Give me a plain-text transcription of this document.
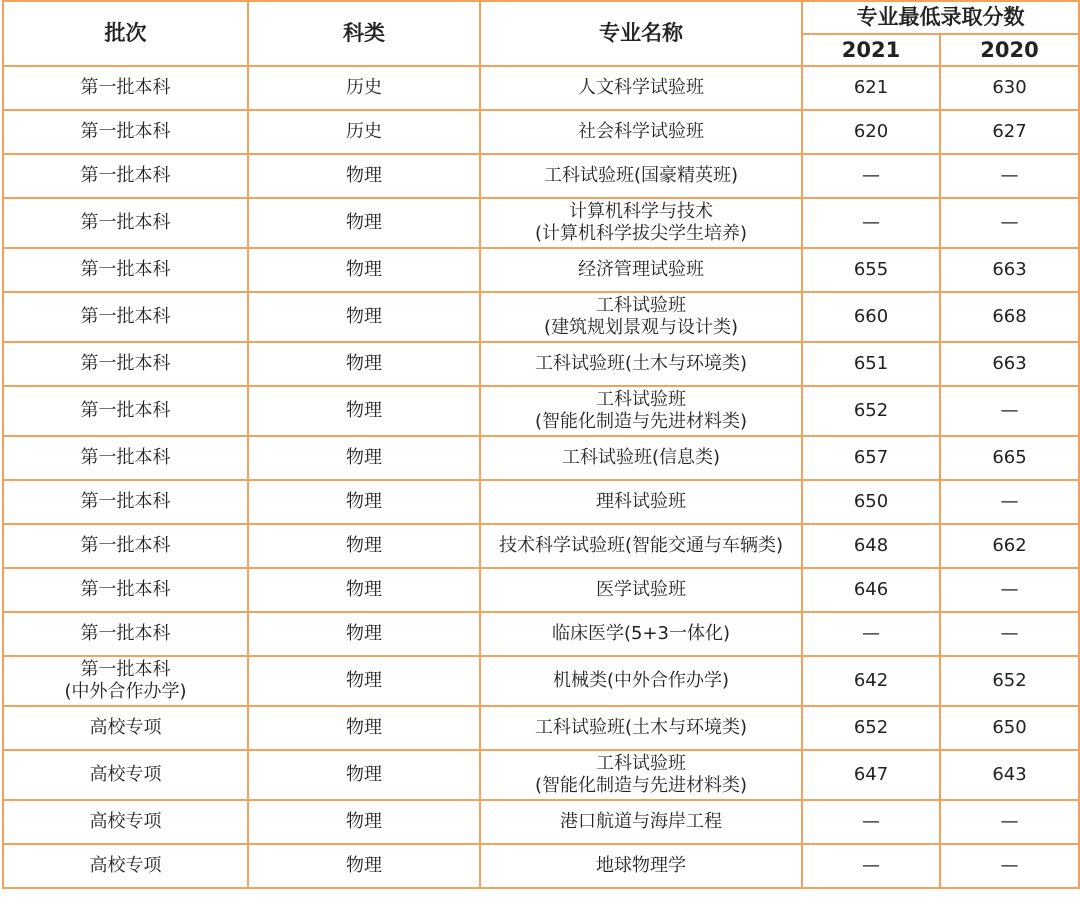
批次	科类	专业名称	专业最低录取分数	
			2021	2020

第一批本科	历史	人文科学试验班	621	630

第一批本科	历史	社会科学试验班	620	627

第一批本科	物理	工科试验班(国豪精英班)	—	—

第一批本科	物理	计算机科学与技术
(计算机科学拔尖学生培养)	—	—

第一批本科	物理	经济管理试验班	655	663

第一批本科	物理	工科试验班
(建筑规划景观与设计类)	660	668

第一批本科	物理	工科试验班(土木与环境类)	651	663

第一批本科	物理	工科试验班
(智能化制造与先进材料类)	652	—

第一批本科	物理	工科试验班(信息类)	657	665

第一批本科	物理	理科试验班	650	—

第一批本科	物理	技术科学试验班(智能交通与车辆类)	648	662

第一批本科	物理	医学试验班	646	—

第一批本科	物理	临床医学(5+3一体化)	—	—

第一批本科
(中外合作办学)	物理	机械类(中外合作办学)	642	652

高校专项	物理	工科试验班(土木与环境类)	652	650

高校专项	物理	工科试验班
(智能化制造与先进材料类)	647	643

高校专项	物理	港口航道与海岸工程	—	—

高校专项	物理	地球物理学	—	—
